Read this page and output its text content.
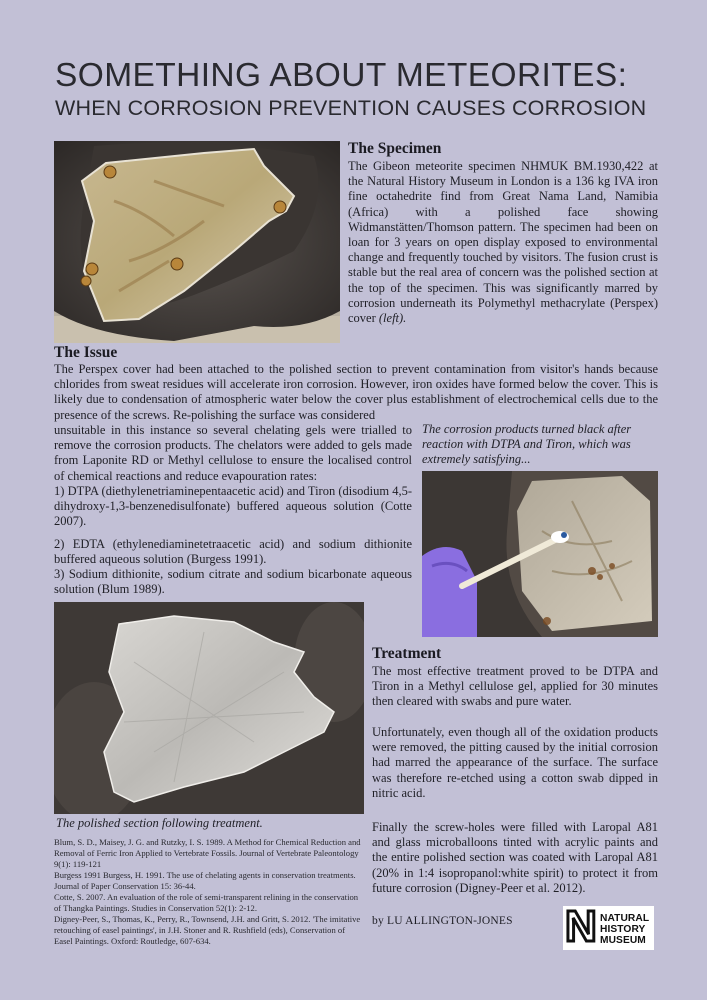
SOMETHING ABOUT METEORITES:
WHEN CORROSION PREVENTION CAUSES CORROSION
The Specimen

The Gibeon meteorite specimen NHMUK BM.1930,422 at the Natural History Museum in London is a 136 kg IVA iron fine octahedrite find from Great Nama Land, Namibia (Africa) with a polished face showing Widmanstätten/Thomson pattern. The specimen had been on loan for 3 years on open display exposed to environmental change and frequently touched by visitors. The fusion crust is stable but the real area of concern was the polished section at the top of the specimen. This was significantly marred by corrosion underneath its Polymethyl methacrylate (Perspex) cover (left).

The Issue

The Perspex cover had been attached to the polished section to prevent contamination from visitor's hands because chlorides from sweat residues will accelerate iron corrosion. However, iron oxides have formed below the cover. This is likely due to condensation of atmospheric water below the cover plus establishment of electrochemical cells due to the presence of the screws. Re-polishing the surface was considered

unsuitable in this instance so several chelating gels were trialled to remove the corrosion products. The chelators were added to gels made from Laponite RD or Methyl cellulose to ensure the localised control of chemical reactions and reduce evapouration rates:

1) DTPA (diethylenetriaminepentaacetic acid) and Tiron (disodium 4,5-dihydroxy-1,3-benzenedisulfonate) buffered aqueous solution (Cotte 2007).

2) EDTA (ethylenediaminetetraacetic acid) and sodium dithionite buffered aqueous solution (Burgess 1991).

3) Sodium dithionite, sodium citrate and sodium bicarbonate aqueous solution (Blum 1989).

The corrosion products turned black after reaction with DTPA and Tiron, which was extremely satisfying...

The polished section following treatment.

Blum, S. D., Maisey, J. G. and Rutzky, I. S. 1989. A Method for Chemical Reduction and Removal of Ferric Iron Applied to Vertebrate Fossils. Journal of Vertebrate Paleontology 9(1): 119-121

Burgess 1991 Burgess, H. 1991. The use of chelating agents in conservation treatments. Journal of Paper Conservation 15: 36-44.

Cotte, S. 2007. An evaluation of the role of semi-transparent relining in the conservation of Thangka Paintings. Studies in Conservation 52(1): 2-12.

Digney-Peer, S., Thomas, K., Perry, R., Townsend, J.H. and Gritt, S. 2012. 'The imitative retouching of easel paintings', in J.H. Stoner and R. Rushfield (eds), Conservation of Easel Paintings. Oxford: Routledge, 607-634.

Treatment

The most effective treatment proved to be DTPA and Tiron in a Methyl cellulose gel, applied for 30 minutes then cleared with swabs and pure water.

Unfortunately, even though all of the oxidation products were removed, the pitting caused by the initial corrosion had marred the appearance of the surface. The surface was therefore re-etched using a cotton swab dipped in nitric acid.

Finally the screw-holes were filled with Laropal A81 and glass microballoons tinted with acrylic paints and the entire polished section was coated with Laropal A81 (20% in 1:4 isopropanol:white spirit) to protect it from future corrosion (Digney-Peer et al. 2012).

by LU ALLINGTON-JONES N NATURAL
HISTORY
MUSEUM
